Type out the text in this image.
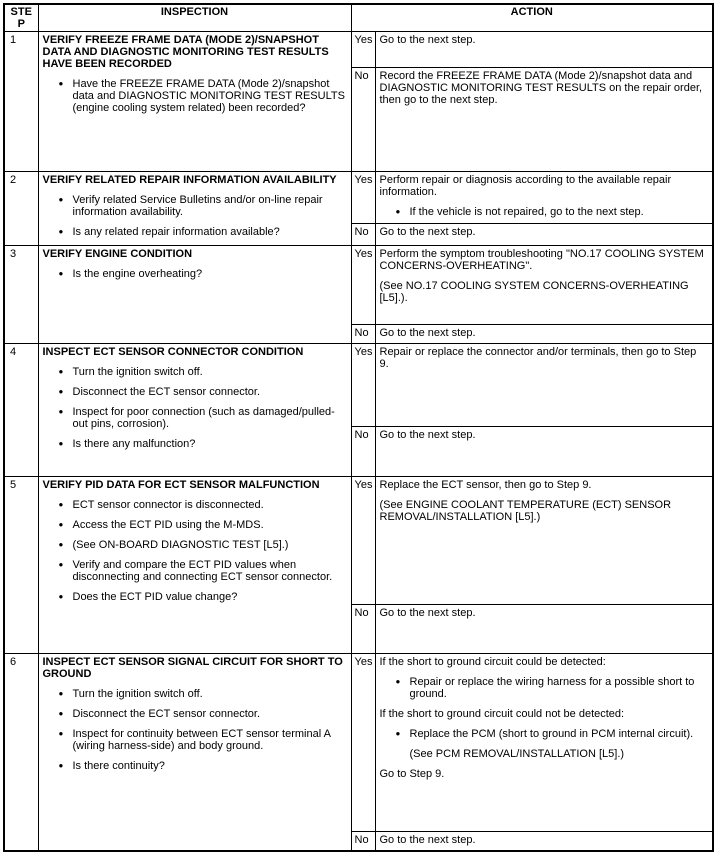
STEP	INSPECTION	ACTION	
1	VERIFY FREEZE FRAME DATA (MODE 2)/SNAPSHOT DATA AND DIAGNOSTIC MONITORING TEST RESULTS HAVE BEEN RECORDED
● Have the FREEZE FRAME DATA (Mode 2)/snapshot data and DIAGNOSTIC MONITORING TEST RESULTS (engine cooling system related) been recorded?	Yes	Go to the next step.

		No	Record the FREEZE FRAME DATA (Mode 2)/snapshot data and DIAGNOSTIC MONITORING TEST RESULTS on the repair order, then go to the next step.

2	VERIFY RELATED REPAIR INFORMATION AVAILABILITY
● Verify related Service Bulletins and/or on-line repair information availability.
● Is any related repair information available?
	Yes	Perform repair or diagnosis according to the available repair information.
● If the vehicle is not repaired, go to the next step.

		No	Go to the next step.

3	VERIFY ENGINE CONDITION
● Is the engine overheating?
	Yes	Perform the symptom troubleshooting "NO.17 COOLING SYSTEM CONCERNS-OVERHEATING".
(See NO.17 COOLING SYSTEM CONCERNS-OVERHEATING [L5].).

		No	Go to the next step.

4	INSPECT ECT SENSOR CONNECTOR CONDITION
● Turn the ignition switch off.
● Disconnect the ECT sensor connector.
● Inspect for poor connection (such as damaged/pulled-out pins, corrosion).
● Is there any malfunction?
	Yes	Repair or replace the connector and/or terminals, then go to Step 9.

		No	Go to the next step.

5	VERIFY PID DATA FOR ECT SENSOR MALFUNCTION
● ECT sensor connector is disconnected.
● Access the ECT PID using the M-MDS.
● (See ON-BOARD DIAGNOSTIC TEST [L5].)
● Verify and compare the ECT PID values when disconnecting and connecting ECT sensor connector.
● Does the ECT PID value change?
	Yes	Replace the ECT sensor, then go to Step 9.
(See ENGINE COOLANT TEMPERATURE (ECT) SENSOR REMOVAL/INSTALLATION [L5].)

		No	Go to the next step.

6	INSPECT ECT SENSOR SIGNAL CIRCUIT FOR SHORT TO GROUND
● Turn the ignition switch off.
● Disconnect the ECT sensor connector.
● Inspect for continuity between ECT sensor terminal A (wiring harness-side) and body ground.
● Is there continuity?
	Yes	If the short to ground circuit could be detected:
● Repair or replace the wiring harness for a possible short to ground.
If the short to ground circuit could not be detected:
● Replace the PCM (short to ground in PCM internal circuit).
(See PCM REMOVAL/INSTALLATION [L5].)
Go to Step 9.

		No	Go to the next step.
